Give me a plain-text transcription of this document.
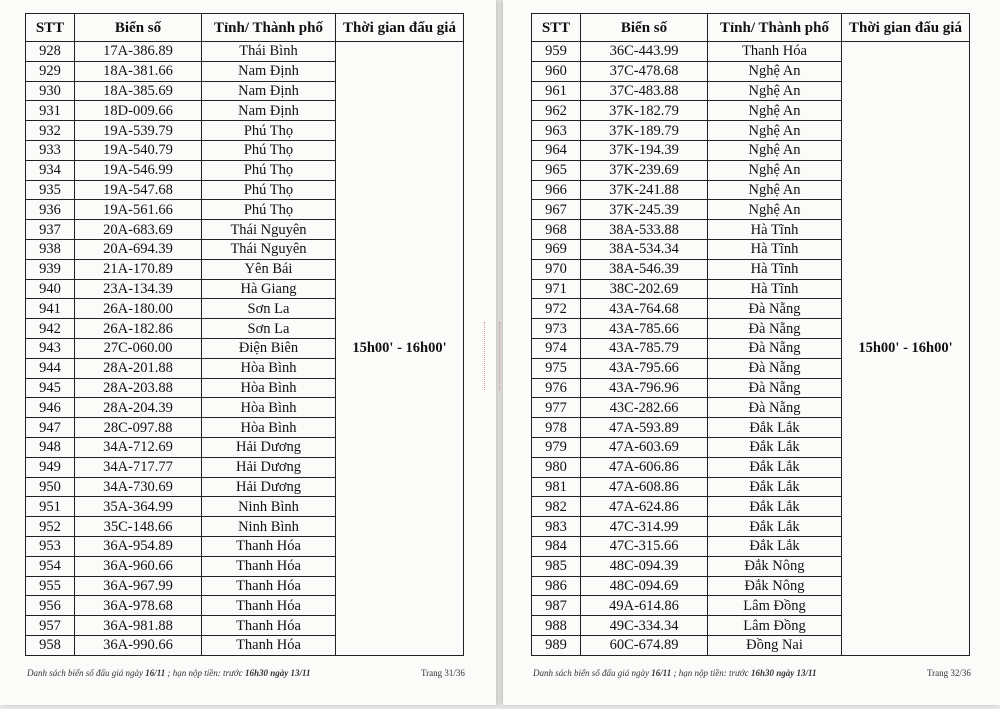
STT	Biển số	Tỉnh/ Thành phố	Thời gian đấu giá
928	17A-386.89	Thái Bình	15h00' - 16h00'
929	18A-381.66	Nam Định	
930	18A-385.69	Nam Định	
931	18D-009.66	Nam Định	
932	19A-539.79	Phú Thọ	
933	19A-540.79	Phú Thọ	
934	19A-546.99	Phú Thọ	
935	19A-547.68	Phú Thọ	
936	19A-561.66	Phú Thọ	
937	20A-683.69	Thái Nguyên	
938	20A-694.39	Thái Nguyên	
939	21A-170.89	Yên Bái	
940	23A-134.39	Hà Giang	
941	26A-180.00	Sơn La	
942	26A-182.86	Sơn La	
943	27C-060.00	Điện Biên	
944	28A-201.88	Hòa Bình	
945	28A-203.88	Hòa Bình	
946	28A-204.39	Hòa Bình	
947	28C-097.88	Hòa Bình	
948	34A-712.69	Hải Dương	
949	34A-717.77	Hải Dương	
950	34A-730.69	Hải Dương	
951	35A-364.99	Ninh Bình	
952	35C-148.66	Ninh Bình	
953	36A-954.89	Thanh Hóa	
954	36A-960.66	Thanh Hóa	
955	36A-967.99	Thanh Hóa	
956	36A-978.68	Thanh Hóa	
957	36A-981.88	Thanh Hóa	
958	36A-990.66	Thanh Hóa	
Danh sách biển số đấu giá ngày 16/11 ; hạn nộp tiền: trước 16h30 ngày 13/11	Trang 31/36
STT	Biển số	Tỉnh/ Thành phố	Thời gian đấu giá
959	36C-443.99	Thanh Hóa	15h00' - 16h00'
960	37C-478.68	Nghệ An	
961	37C-483.88	Nghệ An	
962	37K-182.79	Nghệ An	
963	37K-189.79	Nghệ An	
964	37K-194.39	Nghệ An	
965	37K-239.69	Nghệ An	
966	37K-241.88	Nghệ An	
967	37K-245.39	Nghệ An	
968	38A-533.88	Hà Tĩnh	
969	38A-534.34	Hà Tĩnh	
970	38A-546.39	Hà Tĩnh	
971	38C-202.69	Hà Tĩnh	
972	43A-764.68	Đà Nẵng	
973	43A-785.66	Đà Nẵng	
974	43A-785.79	Đà Nẵng	
975	43A-795.66	Đà Nẵng	
976	43A-796.96	Đà Nẵng	
977	43C-282.66	Đà Nẵng	
978	47A-593.89	Đắk Lắk	
979	47A-603.69	Đắk Lắk	
980	47A-606.86	Đắk Lắk	
981	47A-608.86	Đắk Lắk	
982	47A-624.86	Đắk Lắk	
983	47C-314.99	Đắk Lắk	
984	47C-315.66	Đắk Lắk	
985	48C-094.39	Đắk Nông	
986	48C-094.69	Đắk Nông	
987	49A-614.86	Lâm Đồng	
988	49C-334.34	Lâm Đồng	
989	60C-674.89	Đồng Nai	
Danh sách biển số đấu giá ngày 16/11 ; hạn nộp tiền: trước 16h30 ngày 13/11	Trang 32/36
